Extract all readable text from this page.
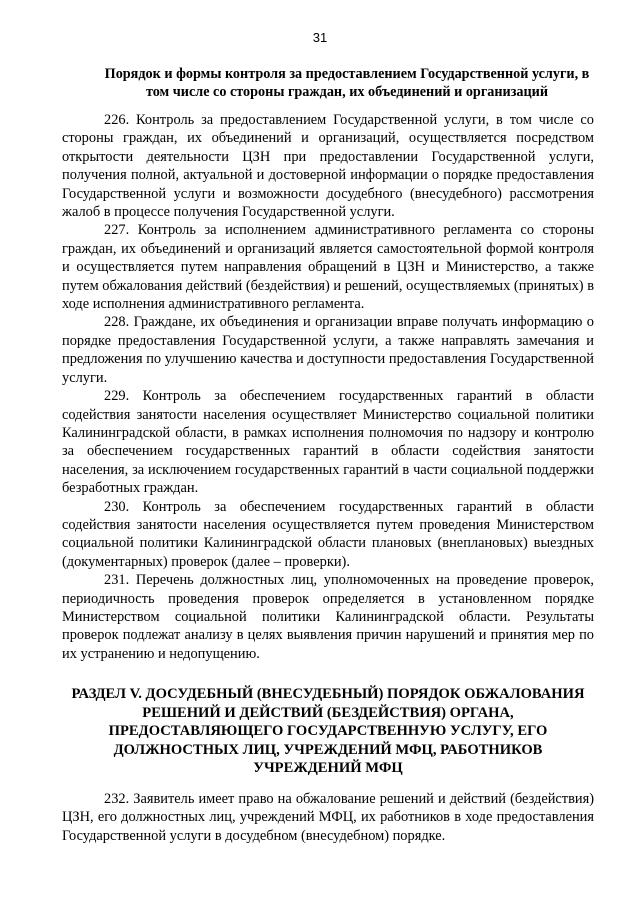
31
Порядок и формы контроля за предоставлением Государственной услуги, в том числе со стороны граждан, их объединений и организаций

226. Контроль за предоставлением Государственной услуги, в том числе со стороны граждан, их объединений и организаций, осуществляется посредством открытости деятельности ЦЗН при предоставлении Государственной услуги, получения полной, актуальной и достоверной информации о порядке предоставления Государственной услуги и возможности досудебного (внесудебного) рассмотрения жалоб в процессе получения Государственной услуги.

227. Контроль за исполнением административного регламента со стороны граждан, их объединений и организаций является самостоятельной формой контроля и осуществляется путем направления обращений в ЦЗН и Министерство, а также путем обжалования действий (бездействия) и решений, осуществляемых (принятых) в ходе исполнения административного регламента.

228. Граждане, их объединения и организации вправе получать информацию о порядке предоставления Государственной услуги, а также направлять замечания и предложения по улучшению качества и доступности предоставления Государственной услуги.

229. Контроль за обеспечением государственных гарантий в области содействия занятости населения осуществляет Министерство социальной политики Калининградской области, в рамках исполнения полномочия по надзору и контролю за обеспечением государственных гарантий в области содействия занятости населения, за исключением государственных гарантий в части социальной поддержки безработных граждан.

230. Контроль за обеспечением государственных гарантий в области содействия занятости населения осуществляется путем проведения Министерством социальной политики Калининградской области плановых (внеплановых) выездных (документарных) проверок (далее – проверки).

231. Перечень должностных лиц, уполномоченных на проведение проверок, периодичность проведения проверок определяется в установленном порядке Министерством социальной политики Калининградской области. Результаты проверок подлежат анализу в целях выявления причин нарушений и принятия мер по их устранению и недопущению.

РАЗДЕЛ V. ДОСУДЕБНЫЙ (ВНЕСУДЕБНЫЙ) ПОРЯДОК ОБЖАЛОВАНИЯ
РЕШЕНИЙ И ДЕЙСТВИЙ (БЕЗДЕЙСТВИЯ) ОРГАНА,
ПРЕДОСТАВЛЯЮЩЕГО ГОСУДАРСТВЕННУЮ УСЛУГУ, ЕГО
ДОЛЖНОСТНЫХ ЛИЦ, УЧРЕЖДЕНИЙ МФЦ, РАБОТНИКОВ
УЧРЕЖДЕНИЙ МФЦ

232. Заявитель имеет право на обжалование решений и действий (бездействия) ЦЗН, его должностных лиц, учреждений МФЦ, их работников в ходе предоставления Государственной услуги в досудебном (внесудебном) порядке.
